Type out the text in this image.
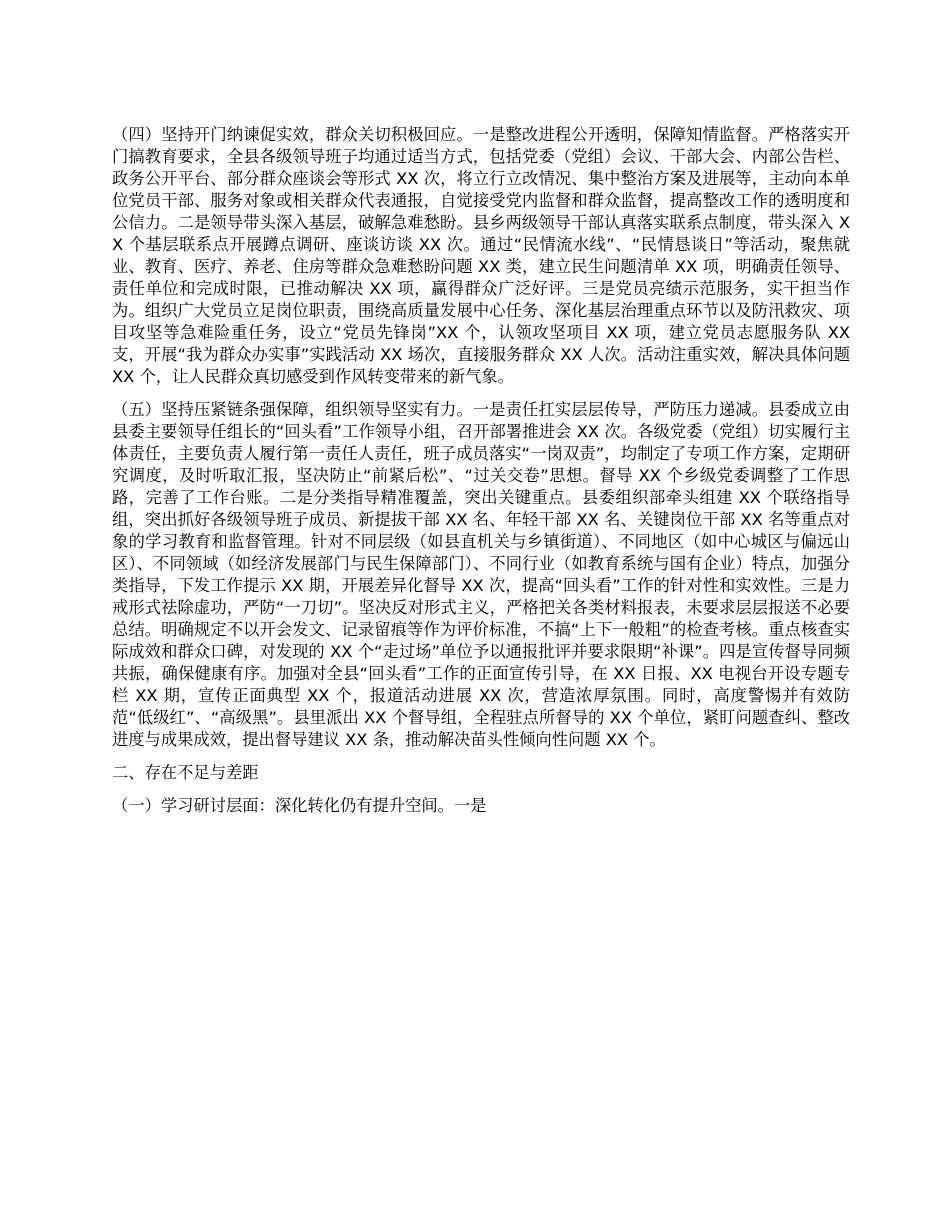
（四）坚持开门纳谏促实效，群众关切积极回应。一是整改进程公开透明，保障知情监督。严格落实开门搞教育要求，全县各级领导班子均通过适当方式，包括党委（党组）会议、干部大会、内部公告栏、政务公开平台、部分群众座谈会等形式 XX 次，将立行立改情况、集中整治方案及进展等，主动向本单位党员干部、服务对象或相关群众代表通报，自觉接受党内监督和群众监督，提高整改工作的透明度和公信力。二是领导带头深入基层，破解急难愁盼。县乡两级领导干部认真落实联系点制度，带头深入 XX 个基层联系点开展蹲点调研、座谈访谈 XX 次。通过“民情流水线”、“民情恳谈日”等活动，聚焦就业、教育、医疗、养老、住房等群众急难愁盼问题 XX 类，建立民生问题清单 XX 项，明确责任领导、责任单位和完成时限，已推动解决 XX 项，赢得群众广泛好评。三是党员亮绩示范服务，实干担当作为。组织广大党员立足岗位职责，围绕高质量发展中心任务、深化基层治理重点环节以及防汛救灾、项目攻坚等急难险重任务，设立“党员先锋岗”XX 个，认领攻坚项目 XX 项，建立党员志愿服务队 XX 支，开展“我为群众办实事”实践活动 XX 场次，直接服务群众 XX 人次。活动注重实效，解决具体问题 XX 个，让人民群众真切感受到作风转变带来的新气象。

（五）坚持压紧链条强保障，组织领导坚实有力。一是责任扛实层层传导，严防压力递减。县委成立由县委主要领导任组长的“回头看”工作领导小组，召开部署推进会 XX 次。各级党委（党组）切实履行主体责任，主要负责人履行第一责任人责任，班子成员落实“一岗双责”，均制定了专项工作方案，定期研究调度，及时听取汇报，坚决防止“前紧后松”、“过关交卷”思想。督导 XX 个乡级党委调整了工作思路，完善了工作台账。二是分类指导精准覆盖，突出关键重点。县委组织部牵头组建 XX 个联络指导组，突出抓好各级领导班子成员、新提拔干部 XX 名、年轻干部 XX 名、关键岗位干部 XX 名等重点对象的学习教育和监督管理。针对不同层级（如县直机关与乡镇街道）、不同地区（如中心城区与偏远山区）、不同领域（如经济发展部门与民生保障部门）、不同行业（如教育系统与国有企业）特点，加强分类指导，下发工作提示 XX 期，开展差异化督导 XX 次，提高“回头看”工作的针对性和实效性。三是力戒形式祛除虚功，严防“一刀切”。坚决反对形式主义，严格把关各类材料报表，未要求层层报送不必要总结。明确规定不以开会发文、记录留痕等作为评价标准，不搞“上下一般粗”的检查考核。重点核查实际成效和群众口碑，对发现的 XX 个“走过场”单位予以通报批评并要求限期“补课”。四是宣传督导同频共振，确保健康有序。加强对全县“回头看”工作的正面宣传引导，在 XX 日报、XX 电视台开设专题专栏 XX 期，宣传正面典型 XX 个，报道活动进展 XX 次，营造浓厚氛围。同时，高度警惕并有效防范“低级红”、“高级黑”。县里派出 XX 个督导组，全程驻点所督导的 XX 个单位，紧盯问题查纠、整改进度与成果成效，提出督导建议 XX 条，推动解决苗头性倾向性问题 XX 个。

二、存在不足与差距

（一）学习研讨层面：深化转化仍有提升空间。一是
